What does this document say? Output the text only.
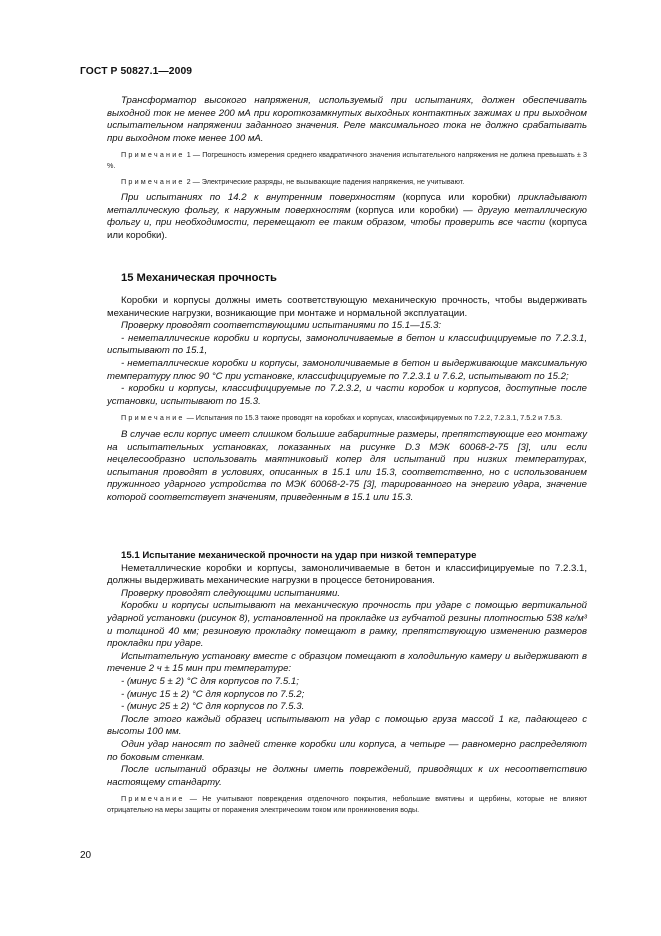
ГОСТ Р 50827.1—2009

Трансформатор высокого напряжения, используемый при испытаниях, должен обеспечивать выходной ток не менее 200 мА при короткозамкнутых выходных контактных зажимах и при выходном испытательном напряжении заданного значения. Реле максимального тока не должно срабатывать при выходном токе менее 100 мА.

Примечание 1 — Погрешность измерения среднего квадратичного значения испытательного напряжения не должна превышать ± 3 %.

Примечание 2 — Электрические разряды, не вызывающие падения напряжения, не учитывают.

При испытаниях по 14.2 к внутренним поверхностям (корпуса или коробки) прикладывают металлическую фольгу, к наружным поверхностям (корпуса или коробки) — другую металлическую фольгу и, при необходимости, перемещают ее таким образом, чтобы проверить все части (корпуса или коробки).

15 Механическая прочность

Коробки и корпусы должны иметь соответствующую механическую прочность, чтобы выдерживать механические нагрузки, возникающие при монтаже и нормальной эксплуатации.

Проверку проводят соответствующими испытаниями по 15.1—15.3:

- неметаллические коробки и корпусы, замоноличиваемые в бетон и классифицируемые по 7.2.3.1, испытывают по 15.1,

- неметаллические коробки и корпусы, замоноличиваемые в бетон и выдерживающие максимальную температуру плюс 90 °С при установке, классифицируемые по 7.2.3.1 и 7.6.2, испытывают по 15.2;

- коробки и корпусы, классифицируемые по 7.2.3.2, и части коробок и корпусов, доступные после установки, испытывают по 15.3.

Примечание — Испытания по 15.3 также проводят на коробках и корпусах, классифицируемых по 7.2.2, 7.2.3.1, 7.5.2 и 7.5.3.

В случае если корпус имеет слишком большие габаритные размеры, препятствующие его монтажу на испытательных установках, показанных на рисунке D.3 МЭК 60068-2-75 [3], или если нецелесообразно использовать маятниковый копер для испытаний при низких температурах, испытания проводят в условиях, описанных в 15.1 или 15.3, соответственно, но с использованием пружинного ударного устройства по МЭК 60068-2-75 [3], тарированного на энергию удара, значение которой соответствует значениям, приведенным в 15.1 или 15.3.

15.1 Испытание механической прочности на удар при низкой температуре

Неметаллические коробки и корпусы, замоноличиваемые в бетон и классифицируемые по 7.2.3.1, должны выдерживать механические нагрузки в процессе бетонирования.

Проверку проводят следующими испытаниями.

Коробки и корпусы испытывают на механическую прочность при ударе с помощью вертикальной ударной установки (рисунок 8), установленной на прокладке из губчатой резины плотностью 538 кг/м³ и толщиной 40 мм; резиновую прокладку помещают в рамку, препятствующую изменению размеров прокладки при ударе.

Испытательную установку вместе с образцом помещают в холодильную камеру и выдерживают в течение 2 ч ± 15 мин при температуре:

- (минус 5 ± 2) °С для корпусов по 7.5.1;

- (минус 15 ± 2) °С для корпусов по 7.5.2;

- (минус 25 ± 2) °С для корпусов по 7.5.3.

После этого каждый образец испытывают на удар с помощью груза массой 1 кг, падающего с высоты 100 мм.

Один удар наносят по задней стенке коробки или корпуса, а четыре — равномерно распределяют по боковым стенкам.

После испытаний образцы не должны иметь повреждений, приводящих к их несоответствию настоящему стандарту.

Примечание — Не учитывают повреждения отделочного покрытия, небольшие вмятины и щербины, которые не влияют отрицательно на меры защиты от поражения электрическим током или проникновения воды.

20
